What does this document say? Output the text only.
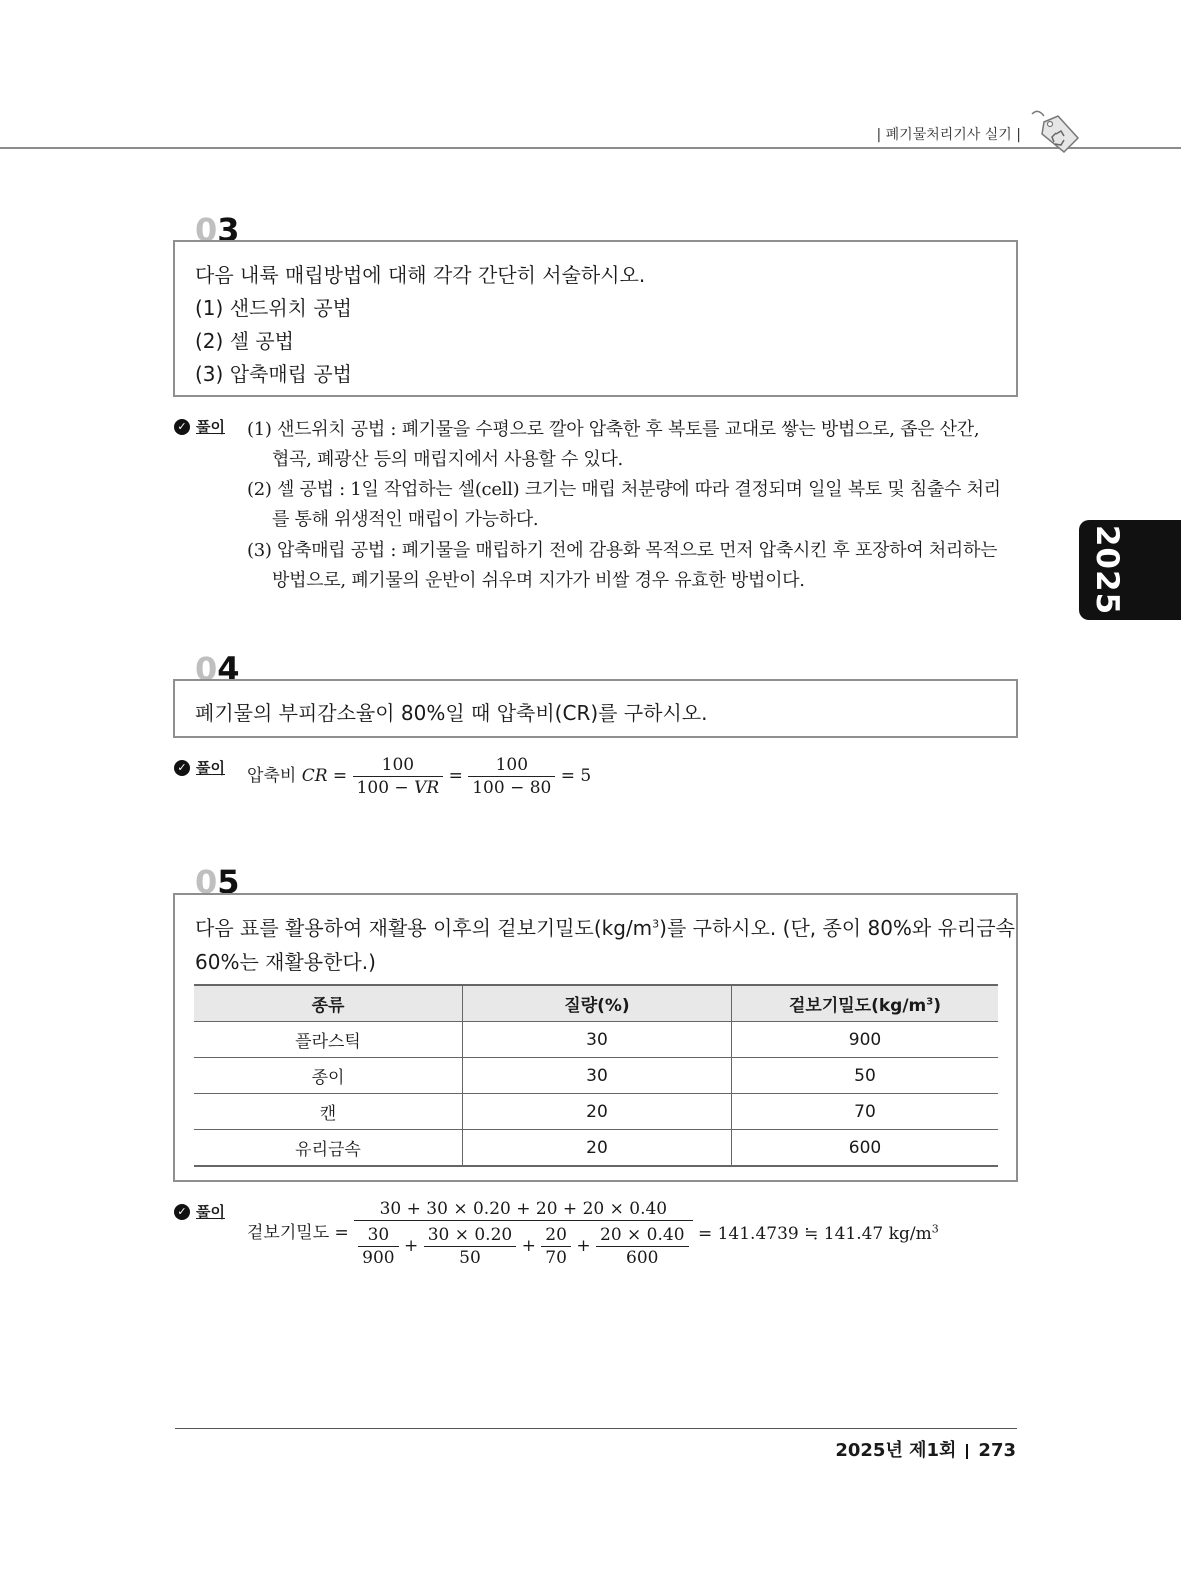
| 폐기물처리기사 실기 |
2025
03
다음 내륙 매립방법에 대해 각각 간단히 서술하시오.
(1) 샌드위치 공법
(2) 셀 공법
(3) 압축매립 공법
✓ 풀이 (1) 샌드위치 공법 : 폐기물을 수평으로 깔아 압축한 후 복토를 교대로 쌓는 방법으로, 좁은 산간,
협곡, 폐광산 등의 매립지에서 사용할 수 있다.
(2) 셀 공법 : 1일 작업하는 셀(cell) 크기는 매립 처분량에 따라 결정되며 일일 복토 및 침출수 처리
를 통해 위생적인 매립이 가능하다.
(3) 압축매립 공법 : 폐기물을 매립하기 전에 감용화 목적으로 먼저 압축시킨 후 포장하여 처리하는
방법으로, 폐기물의 운반이 쉬우며 지가가 비쌀 경우 유효한 방법이다.
04
폐기물의 부피감소율이 80%일 때 압축비(CR)를 구하시오.
✓ 풀이 압축비 CR = $\frac{100}{100 - VR} = \frac{100}{100 - 80} = 5$
05
다음 표를 활용하여 재활용 이후의 겉보기밀도$(kg/m^3)$를 구하시오. (단, 종이 80%와 유리금속
60%는 재활용한다.)
종류	질량(%)	겉보기밀도$(kg/m^3)$
플라스틱	30	900
종이	30	50
캔	20	70
유리금속	20	600
✓ 풀이
겉보기밀도 =
30 + 30 × 0.20 + 20 + 20 × 0.40
$\frac{30}{900} + \frac{30 \times 0.20}{50} + \frac{20}{70} + \frac{20 \times 0.40}{600} = 141.4739$ ≒ 141.47 $kg/m^3$
2025년 제1회 273
